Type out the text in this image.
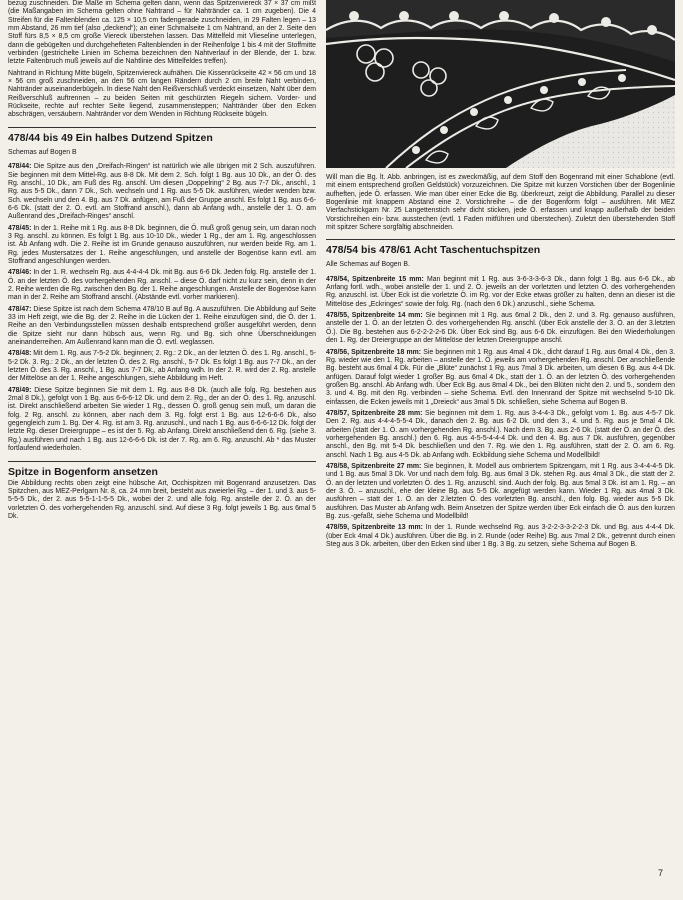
bezug zuschneiden. Die Maße im Schema gelten dann, wenn das Spitzenviereck 37 × 37 cm mißt (die Maßangaben im Schema gelten ohne Nahtrand – für Nahtränder ca. 1 cm zugeben). Die 4 Streifen für die Faltenblenden ca. 125 × 10,5 cm fadengerade zuschneiden, in 29 Falten legen – 13 mm Abstand, 26 mm tief (also „deckend“); an einer Schmalseite 1 cm Nahtrand, an der 2. Seite den Stoff fürs 8,5 × 8,5 cm große Viereck überstehen lassen. Das Mittelfeld mit Vlieseline unterlegen, dann die gebügelten und durchgehefteten Faltenblenden in der Reihenfolge 1 bis 4 mit der Stoffmitte verbinden (gestrichelte Linien im Schema bezeichnen den Nahtverlauf in der Blende, der 1. bzw. letzte Faltenbruch muß jeweils auf die Nahtlinie des Mittelfeldes treffen).

Nahtrand in Richtung Mitte bügeln, Spitzenviereck aufnähen. Die Kissenrückseite 42 × 56 cm und 18 × 56 cm groß zuschneiden, an den 56 cm langen Rändern durch 2 cm breite Naht verbinden, Nahtränder auseinanderbügeln. In diese Naht den Reißverschluß verdeckt einsetzen, Naht über dem Reißverschluß auftrennen – zu beiden Seiten mit geschürzten Riegeln sichern. Vorder- und Rückseite, rechte auf rechter Seite liegend, zusammensteppen; Nahtränder über den Ecken abschrägen, versäubern. Nahtränder vor dem Wenden in Richtung Rückseite bügeln.

478/44 bis 49 Ein halbes Dutzend Spitzen

Schemas auf Bogen B

478/44: Die Spitze aus den „Dreifach-Ringen“ ist natürlich wie alle übrigen mit 2 Sch. auszuführen. Sie beginnen mit dem Mittel-Rg. aus 8-8 Dk. Mit dem 2. Sch. folgt 1 Bg. aus 10 Dk., an der Ö. des Rg. anschl., 10 Dk., am Fuß des Rg. anschl. Um diesen „Doppelring“ 2 Bg. aus 7-7 Dk., anschl., 1 Rg. aus 5-5 Dk., dann 7 Dk., Sch. wechseln und 1 Rg. aus 5-5 Dk. ausführen, wieder wenden bzw. Sch. wechseln und den 4. Bg. aus 7 Dk. anfügen, am Fuß der Gruppe anschl. Es folgt 1 Bg. aus 6-6-6-6 Dk. (statt der 2. Ö. evtl. am Stoffrand anschl.), dann ab Anfang wdh., anstelle der 1. Ö. am Außenrand des „Dreifach-Ringes“ anschl.

478/45: In der 1. Reihe mit 1 Rg. aus 8-8 Dk. beginnen, die Ö. muß groß genug sein, um daran noch 3 Rg. anschl. zu können. Es folgt 1 Bg. aus 10-10 Dk., wieder 1 Rg., der am 1. Rg. angeschlossen ist. Ab Anfang wdh. Die 2. Reihe ist im Grunde genauso auszuführen, nur werden beide Rg. am 1. Rg. jedes Mustersatzes der 1. Reihe angeschlungen, und anstelle der Bogenöse kann evtl. am Stoffrand angeschlungen werden.

478/46: In der 1. R. wechseln Rg. aus 4-4-4-4 Dk. mit Bg. aus 6-6 Dk. Jeden folg. Rg. anstelle der 1. Ö. an der letzten Ö. des vorhergehenden Rg. anschl. – diese Ö. darf nicht zu kurz sein, denn in der 2. Reihe werden die Rg. zwischen den Bg. der 1. Reihe angeschlungen. Anstelle der Bogenöse kann man in der 2. Reihe am Stoffrand anschl. (Abstände evtl. vorher markieren).

478/47: Diese Spitze ist nach dem Schema 478/10 B auf Bg. A auszuführen. Die Abbildung auf Seite 33 im Heft zeigt, wie die Bg. der 2. Reihe in die Lücken der 1. Reihe einzufügen sind, die Ö. der 1. Reihe an den Verbindungsstellen müssen deshalb entsprechend größer ausgeführt werden, denn die Spitze sieht nur dann hübsch aus, wenn Rg. und Bg. sich ohne Überschneidungen aneinanderreihen. Am Außenrand kann man die Ö. evtl. weglassen.

478/48: Mit dem 1. Rg. aus 7-5-2 Dk. beginnen; 2. Rg.: 2 Dk., an der letzten Ö. des 1. Rg. anschl., 5-5-2 Dk. 3. Rg.: 2 Dk., an der letzten Ö. des 2. Rg. anschl., 5-7 Dk. Es folgt 1 Bg. aus 7-7 Dk., an der letzten Ö. des 3. Rg. anschl., 1 Bg. aus 7-7 Dk., ab Anfang wdh. In der 2. R. wird der 2. Rg. anstelle der Mittelöse an der 1. Reihe angeschlungen, siehe Abbildung im Heft.

478/49: Diese Spitze beginnen Sie mit dem 1. Rg. aus 8-8 Dk. (auch alle folg. Rg. bestehen aus 2mal 8 Dk.), gefolgt von 1 Bg. aus 6-6-6-12 Dk. und dem 2. Rg., der an der Ö. des 1. Rg. anzuschl. ist. Direkt anschließend arbeiten Sie wieder 1 Rg., dessen Ö. groß genug sein muß, um daran die folg. 2 Rg. anschl. zu können, aber nach dem 3. Rg. folgt erst 1 Bg. aus 12-6-6-6 Dk., also gegengleich zum 1. Bg. Der 4. Rg. ist am 3. Rg. anzuschl., und nach 1 Bg. aus 6-6-6-12 Dk. folgt der letzte Rg. dieser Dreiergruppe – es ist der 5. Rg. ab Anfang. Direkt anschließend den 6. Rg. (siehe 3. Rg.) ausführen und nach 1 Bg. aus 12-6-6-6 Dk. ist der 7. Rg. am 6. Rg. anzuschl. Ab * das Muster fortlaufend wiederholen.

Spitze in Bogenform ansetzen

Die Abbildung rechts oben zeigt eine hübsche Art, Occhispitzen mit Bogenrand anzusetzen. Das Spitzchen, aus MEZ-Perlgarn Nr. 8, ca. 24 mm breit, besteht aus zweierlei Rg. – der 1. und 3. aus 5-5-5-5 Dk., der 2. aus 5-5-1-1-5-5 Dk., wobei der 2. und alle folg. Rg. anstelle der 2. Ö. an der vorletzten Ö. des vorhergehenden Rg. anzuschl. sind. Auf diese 3 Rg. folgt jeweils 1 Bg. aus 6mal 5 Dk.

Will man die Bg. lt. Abb. anbringen, ist es zweckmäßig, auf dem Stoff den Bogenrand mit einer Schablone (evtl. mit einem entsprechend großen Geldstück) vorzuzeichnen. Die Spitze mit kurzen Vorstichen über der Bogenlinie aufheften, jede Ö. erfassen. Wie man über einer Ecke die Bg. überkreuzt, zeigt die Abbildung. Parallel zu dieser Bogenlinie mit knappem Abstand eine 2. Vorstichreihe – die der Bogenform folgt – ausführen. Mit MEZ Vierfachstickgarn Nr. 25 Langettenstich sehr dicht sticken, jede Ö. erfassen und knapp außerhalb der beiden Vorstichreihen ein- bzw. ausstechen (evtl. 1 Faden mitführen und überstechen). Zuletzt den überstehenden Stoff mit spitzer Schere sorgfältig abschneiden.

478/54 bis 478/61 Acht Taschentuchspitzen

Alle Schemas auf Bogen B.

478/54, Spitzenbreite 15 mm: Man beginnt mit 1 Rg. aus 3-6-3-3-6-3 Dk., dann folgt 1 Bg. aus 6-6 Dk., ab Anfang fortl. wdh., wobei anstelle der 1. und 2. Ö. jeweils an der vorletzten und letzten Ö. des vorhergehenden Rg. anzuschl. ist. Über Eck ist die vorletzte Ö. im Rg. vor der Ecke etwas größer zu halten, denn an dieser ist die Mittelöse des „Eckringes“ sowie der folg. Rg. (nach den 6 Dk.) anzuschl., siehe Schema.

478/55, Spitzenbreite 14 mm: Sie beginnen mit 1 Rg. aus 6mal 2 Dk., den 2. und 3. Rg. genauso ausführen, anstelle der 1. Ö. an der letzten Ö. des vorhergehenden Rg. anschl. (über Eck anstelle der 3. Ö. an der 3.letzten Ö.). Die Bg. bestehen aus 6-2-2-2-2-6 Dk. Über Eck sind Bg. aus 6-6 Dk. einzufügen. Bei den Wiederholungen den 1. Rg. der Dreiergruppe an der Mittelöse der letzten Dreiergruppe anschl.

478/56, Spitzenbreite 18 mm: Sie beginnen mit 1 Rg. aus 4mal 4 Dk., dicht darauf 1 Rg. aus 6mal 4 Dk., den 3. Rg. wieder wie den 1. Rg. arbeiten – anstelle der 1. Ö. jeweils am vorhergehenden Rg. anschl. Der anschließende Bg. besteht aus 6mal 4 Dk. Für die „Blüte“ zunächst 1 Rg. aus 7mal 3 Dk. arbeiten, um diesen 6 Bg. aus 4-4 Dk. anfügen. Darauf folgt wieder 1 großer Bg. aus 6mal 4 Dk., statt der 1. Ö. an der letzten Ö. des vorhergehenden großen Bg. anschl. Ab Anfang wdh. Über Eck Bg. aus 8mal 4 Dk., bei den Blüten nicht den 2. und 5., sondern den 3. und 4. Bg. mit den Rg. verbinden – siehe Schema. Evtl. den Innenrand der Spitze mit wechselnd 5-10 Dk. einfassen, die Ecken jeweils mit 1 „Dreieck“ aus 3mal 5 Dk. schließen, siehe Schema auf Bogen B.

478/57, Spitzenbreite 28 mm: Sie beginnen mit dem 1. Rg. aus 3-4-4-3 Dk., gefolgt vom 1. Bg. aus 4-5-7 Dk. Den 2. Rg. aus 4-4-4-5-5-4 Dk., danach den 2. Bg. aus 6-2 Dk. und den 3., 4. und 5. Rg. aus je 5mal 4 Dk. arbeiten (statt der 1. Ö. am vorhergehenden Rg. anschl.). Nach dem 3. Bg. aus 2-6 Dk. (statt der Ö. an der Ö. des vorhergehenden Bg. anschl.) den 6. Rg. aus 4-5-5-4-4-4 Dk. und den 4. Bg. aus 7 Dk. ausführen, gegenüber anschl., den Bg. mit 5-4 Dk. beschließen und den 7. Rg. wie den 1. Rg. ausführen, statt der 2. Ö. am 6. Rg. anschl. Nach 1 Bg. aus 4-5 Dk. ab Anfang wdh. Eckbildung siehe Schema und Modellbild!

478/58, Spitzenbreite 27 mm: Sie beginnen, lt. Modell aus ombriertem Spitzengarn, mit 1 Rg. aus 3-4-4-4-5 Dk. und 1 Bg. aus 5mal 3 Dk. Vor und nach dem folg. Bg. aus 6mal 3 Dk. stehen Rg. aus 4mal 3 Dk., die statt der 2. Ö. an der letzten und vorletzten Ö. des 1. Rg. anzuschl. sind. Auch der folg. Bg. aus 5mal 3 Dk. ist am 1. Rg. – an der 3. Ö. – anzuschl., ehe der kleine Bg. aus 5-5 Dk. angefügt werden kann. Wieder 1 Rg. aus 4mal 3 Dk. ausführen – statt der 1. Ö. an der 2.letzten Ö. des vorletzten Bg. anschl., den folg. Bg. wieder aus 5-5 Dk. ausführen. Das Muster ab Anfang wdh. Beim Ansetzen der Spitze werden über Eck einfach die Ö. aus den kurzen Bg. zus.-gefaßt, siehe Schema und Modellbild!

478/59, Spitzenbreite 13 mm: In der 1. Runde wechselnd Rg. aus 3-2-2-3-3-2-2-3 Dk. und Bg. aus 4-4-4 Dk. (über Eck 4mal 4 Dk.) ausführen. Über die Bg. in 2. Runde (oder Reihe) Bg. aus 7mal 2 Dk., getrennt durch einen Steg aus 3 Dk. arbeiten, über den Ecken sind über 1 Bg. 3 Bg. zu setzen, siehe Schema auf Bogen B.

7
